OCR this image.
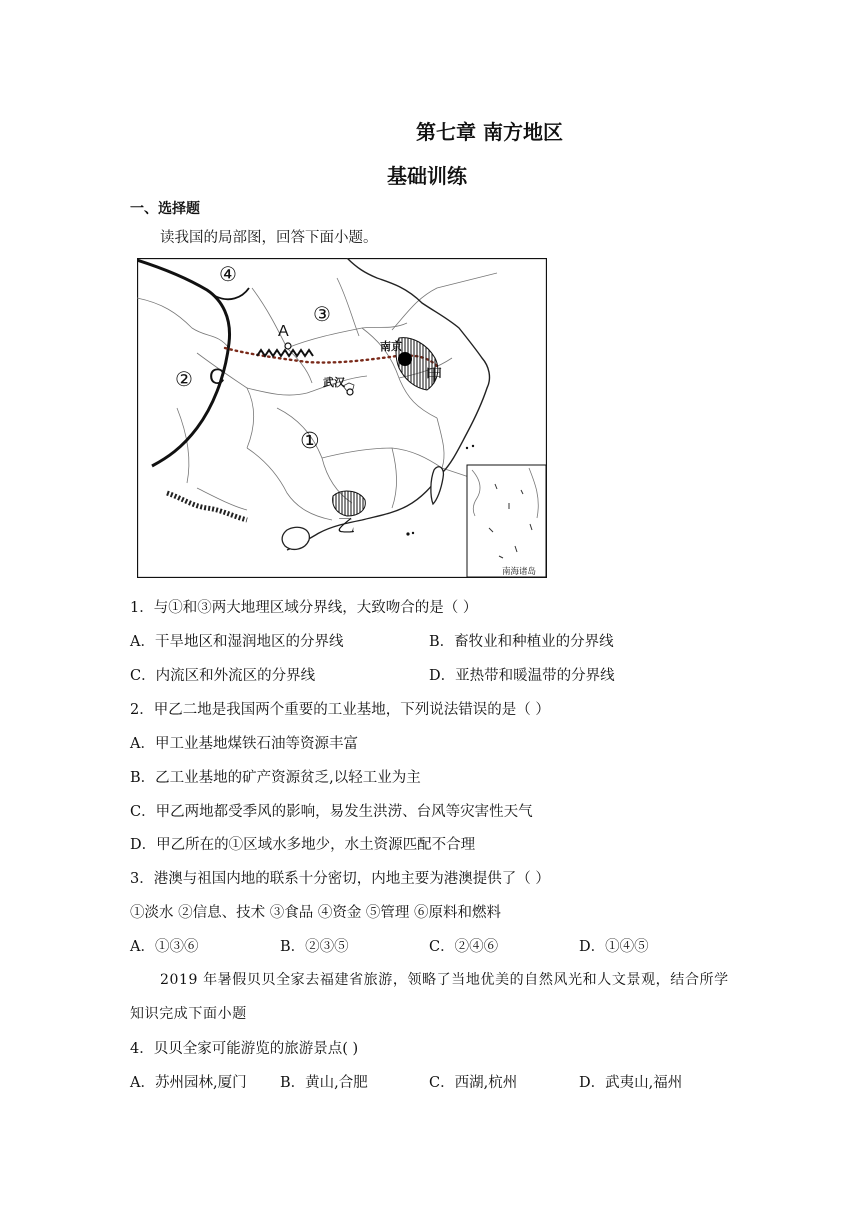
第七章 南方地区
基础训练
一、选择题
读我国的局部图，回答下面小题。
④
③
②
①
A
C
南京
武汉	甲
乙
南海诸岛
1．与①和③两大地理区域分界线，大致吻合的是（ ）
A．干旱地区和湿润地区的分界线	B．畜牧业和种植业的分界线
C．内流区和外流区的分界线	D．亚热带和暖温带的分界线
2．甲乙二地是我国两个重要的工业基地，下列说法错误的是（ ）
A．甲工业基地煤铁石油等资源丰富
B．乙工业基地的矿产资源贫乏,以轻工业为主
C．甲乙两地都受季风的影响，易发生洪涝、台风等灾害性天气
D．甲乙所在的①区域水多地少，水土资源匹配不合理
3．港澳与祖国内地的联系十分密切，内地主要为港澳提供了（ ）
①淡水 ②信息、技术 ③食品 ④资金 ⑤管理 ⑥原料和燃料
A．①③⑥	B．②③⑤	C．②④⑥	D．①④⑤
2019 年暑假贝贝全家去福建省旅游，领略了当地优美的自然风光和人文景观，结合所学
知识完成下面小题
4．贝贝全家可能游览的旅游景点( )
A．苏州园林,厦门 B．黄山,合肥	C．西湖,杭州	D．武夷山,福州
